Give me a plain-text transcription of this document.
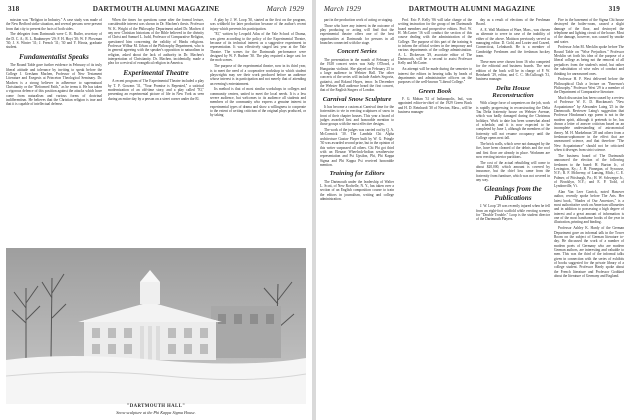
318	DARTMOUTH ALUMNI MAGAZINE	March 1929

mission was "Religion in Industry." A case study was made of the New Bedford strike situation, and several persons were present from that city to present the facts of both sides.

The delegates from Dartmouth were C. R. Butler, secretary of the D. C. A.; R. L. Rauhmeyer '29; F. H. Hoyt '30; W. F. Plowman '30; J. S. Winter '31; J. French '31; '30 and Y. Hirota, graduate student.

Fundamentalist Speaks

The Round Table gave further evidence in February of its truly liberal attitude and tolerance by inviting to speak before the College J. Gresham Machen, Professor of New Testament Literature and Exegesis at Princeton Theological Seminary. Dr. Machen is a strong believer in adherence to supernatural Christianity or the "Reformed Faith," as he terms it. He has taken a vigorous defence of this position against the attacks which have come from naturalism and various forms of doctrinal indifferentism. He believes that the Christian religion is true and that it is capable of intellectual defense.

When the times for questions came after the formal lecture, considerable interest was shown in Dr. Machen's thesis. Professor W. K. Wright of the Philosophy Department asked Dr. Machen if any new Christian historians of the Bible believed in the divinity of Christ and Samuel L. Judd, Professor of Comparative Religion, questioned him concerning the validity of Hindu religions. Professor Wilbur M. Urban of the Philosophy Department, who is in general agreeing with the speaker's opposition to naturalism in religion, asked about the lack of authority in Dr. Machen's interpretation of Christianity. Dr. Machen, incidentally, made a plea for a revival of evangelical religion in America.

Experimental Theatre

A recent program of The Experimental Theatre included a play by T. F. Gowans '31, "Your Promise is Repeated," a satirical modernization of an old-time story, and a play called "El," presenting an experimental picture of life in New York as seen during an entire day by a person on a street corner under the El.

A play by J. W. Loop '30, started as the first on the program, was withheld for later production because of the author's recent injury which prevents his participation.

"El," written by Leopold Atlas of the Yale School of Drama, was given according to the policy of the Experimental Theatre, because of its technical interest as a suggestive experiment in representation. It was effectively staged last year at the Yale Theatre. The scenes for the Dartmouth performance were designed by W. F. Rudner '30. The play required a large cast for the mob scenes.

The purpose of the experimental theatre, now in its third year, is to meet the need of a cooperative workshop in which student playwrights may see their work produced before an audience whose interest is in participation and not merely that of attending an evening's entertainment.

Its method is that of most similar workshops in colleges and community centers, united to meet the local needs. It is a less severe audience, but welcomes to its audience all students and members of the community who express a genuine interest in experimental types of drama and show a willingness to cooperate to the extent of writing criticism of the original plays produced, or by taking

"DARTMOUTH HALL"
Snow sculpture at the Phi Kappa Sigma House.
March 1929	DARTMOUTH ALUMNI MAGAZINE	319

part in the production work of acting or staging.

Those who have any interest in the outcome of play producing or acting will find that the experimental theatre offers one of the best opportunities at Dartmouth for persons in all branches connected with the stage.

Concert Series

The presentation in the month of February of the 1928 concert series was Sally O'Dowd, a Hungarian violinist. She played on February 25 to a large audience in Webster Hall. The other concerts of the series will include Andrés Segovia, guitarist, and Roland Hayes, tenor. In December the Webster Hall audience heard the first concert, that of the English Singers of London.

Carnival Snow Sculpture

It has become a custom at Carnival time for the fraternities to vie in erecting sculptures of snow in front of their chapter houses. This year a board of judges awarded first and honorable mention to those groups with the most effective designs.

The work of the judges was carried out by Q. A. McCormick '30. The Lambda Chi Alpha architecture Gustav Player built by W. G. Pringle '30 was awarded second prize, but in the opinion of this writer surpassed all others. Chi Phi got third with an Eleazar Wheelock-Indian weatherwise representation and Psi Upsilon, Phi, Phi Kappa Sigma and Phi Kappa Psi received honorable mention.

Training for Editors

The Dartmouth under the leadership of Walter L. Scott, of New Rochelle, N. Y., has taken over a section of an English composition course to train the editors in journalism, writing and college administration.

Prof. Eric P. Kelly '06 will take charge of the writing instruction for the group of ten Dartmouth board members and prospective editors. Prof. W. H. McCarter '16 will conduct the section of this course dealing with the administration of the College. The purpose of this part of the training is to inform the official writers in the temporary and various departments of the college administration. A. L. Dickerson '29, associate editor of The Dartmouth, will be a second to assist Professor Kelly and McCarter.

An attempt will be made during the semester to interest the editors in hearing talks by heads of departments and administrative officers on the purposes of the well-known "Liberal College."

Green Book

F. G. Mohan '31 of Indianapolis, Ind., was appointed editor-in-chief of the 1929 Green Book and H. D. Reinhardt '30 of Newton, Mass., will be business manager

day as a result of elections of the Freshman Board.

A. E. Wall Mattison of Ware, Mass., was chosen as alternate to serve in case of the inability of either of the above. Mattison previously served as managing editor. D. Gold, and Lozier and Crazed, Connecticut, Lehnhardt. He is a member of Cambridge Freshmen and the freshman hockey team.

These men were chosen from 16 who competed for the editorial and business boards. The next edition of the book will be in charge of F. W. Reinhardt '29, editor, and C. C. McCullough '31, business manager.

Delta House Reconstruction

With a large force of carpenters on the job, work is rapidly progressing in reconstructing the Delta Tau Delta fraternity house on Webster Avenue, which was badly damaged during the Christmas holidays. Work to date has been somewhat ahead of schedule, and it is now expected to be completed by June 1, although the members of the fraternity will not resume occupancy until the College opens next fall.

The brick walls, which were not damaged by the fire, have been cleaned of the debris and the roof and first floor are already in place. Workmen are now erecting interior partitions.

The cost of the actual rebuilding will come to about $20,000, which amount is covered by insurance, but the chief loss came from the fraternity from furniture, which was not covered in any way.

Gleanings from the Publications

J. W. Loop '29 was recently injured when he fell from an eight-foot scaffold while erecting scenery for "Double Trouble." Loop is the student director of the Dartmouth Players.

Fire in the basement of the Sigma Chi house destroyed the boiler-room, caused a slight damage of the floor, and destroyed the telephone and lighting circuit of the house. Most of the damage, however, was caused by smoke and water.

Professor John M. Mecklin spoke before The Round Table on "Wise Prejudices." Professor Mecklin set forth his idea of the purpose of a liberal college as being not the removal of all prejudices from the student's mind, but rather the substitution of wise rules of conduct and thinking for unreasoned ones.

Professor H. F. West delivered before the Philosophical Club a lecture on "Emerson's Philosophy." Professor West '29 is a member of the Department of Comparative literature.

Much discussion has been caused by a review of Professor W. E. D. Hinckman's "New Acquaintance" by Alexander Laing '25 in the Dartmouth. Reviewer Laing's suggestion that Professor Hinckman's ego poem is not in the modern spirit, although it pretends to be, has drawn a letter of answer criticism based on an incomplete understanding of astronomical theory. M. H. Markelman '28 and others from a freshman-sophomore in the effect that are unreasoned science, and that therefore "The New Acquaintance" should not be criticized when it diverges from strict science.

The business board of The Dartmouth announced the election of the following freshmen to the board: H. Burton Jr., of Lexington, Ky.; J. H. Finnegan, of Syracuse, N.Y.; R. F. McInerny, of Lansing, Mich.; C. E. Palmer, of Pittsburgh, Pa.; H. W. Schweppe Jr., of Brooklyn, N.Y.; and E. P. Todd, of Lyndonville, Vt.

Alan Van Leer Carrick, noted Hanover author, recently spoke before The Arts. Her latest book, "Shades of Our Ancestors," is a most authoritative work on American silhouettes and in addition to possessing a high degree of interest and a great amount of information is one of the most handsome books of the year in illustration, printing and binding.

Professor Ashley K. Hardy of the German Department gave an informal talk in the Tower Room on the subject of German literature to-day. He discussed the work of a number of modern poets of Germany who are modern German authors, are interesting and valuable to men. This was the third of the informal talks given in connection with the series of exhibits of books suggested for the private library of a college student. Professor Hardy spoke about the French literature and Professor Goddard about the literature of Germany and England.
